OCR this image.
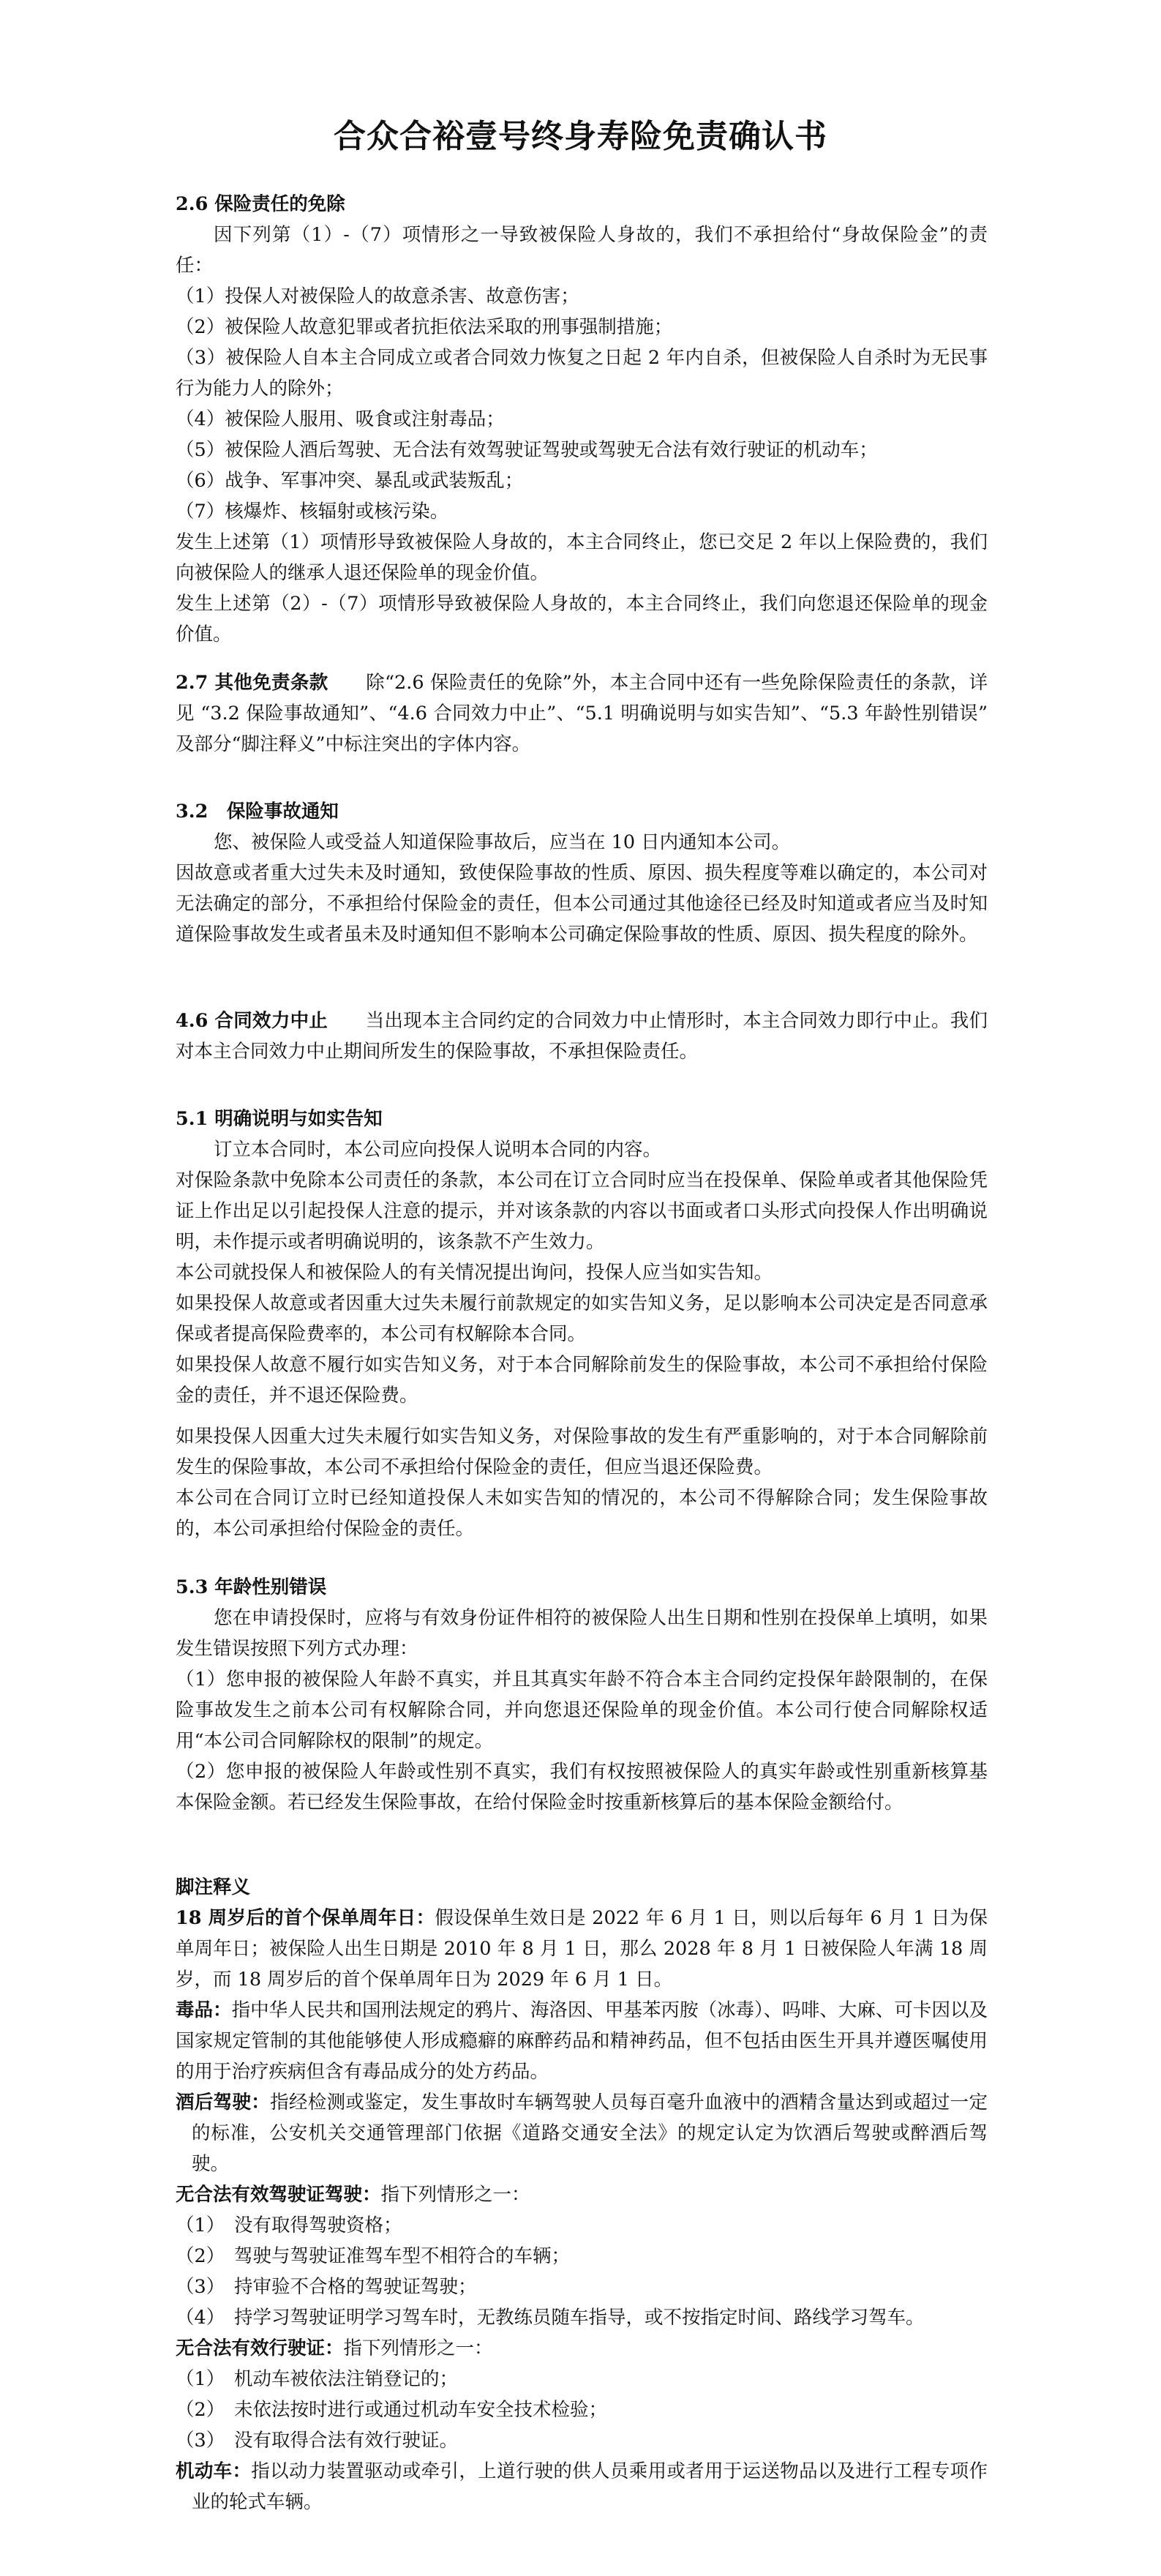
合众合裕壹号终身寿险免责确认书

2.6 保险责任的免除

因下列第（1）-（7）项情形之一导致被保险人身故的，我们不承担给付“身故保险金”的责任：

（1）投保人对被保险人的故意杀害、故意伤害；

（2）被保险人故意犯罪或者抗拒依法采取的刑事强制措施；

（3）被保险人自本主合同成立或者合同效力恢复之日起 2 年内自杀，但被保险人自杀时为无民事行为能力人的除外；

（4）被保险人服用、吸食或注射毒品；

（5）被保险人酒后驾驶、无合法有效驾驶证驾驶或驾驶无合法有效行驶证的机动车；

（6）战争、军事冲突、暴乱或武装叛乱；

（7）核爆炸、核辐射或核污染。

发生上述第（1）项情形导致被保险人身故的，本主合同终止，您已交足 2 年以上保险费的，我们向被保险人的继承人退还保险单的现金价值。

发生上述第（2）-（7）项情形导致被保险人身故的，本主合同终止，我们向您退还保险单的现金价值。

2.7 其他免责条款　　 除“2.6 保险责任的免除”外，本主合同中还有一些免除保险责任的条款，详见 “3.2 保险事故通知”、“4.6 合同效力中止”、“5.1 明确说明与如实告知”、“5.3 年龄性别错误” 及部分“脚注释义”中标注突出的字体内容。

3.2　保险事故通知

您、被保险人或受益人知道保险事故后，应当在 10 日内通知本公司。

因故意或者重大过失未及时通知，致使保险事故的性质、原因、损失程度等难以确定的，本公司对无法确定的部分，不承担给付保险金的责任，但本公司通过其他途径已经及时知道或者应当及时知道保险事故发生或者虽未及时通知但不影响本公司确定保险事故的性质、原因、损失程度的除外。

4.6 合同效力中止　　 当出现本主合同约定的合同效力中止情形时，本主合同效力即行中止。我们对本主合同效力中止期间所发生的保险事故，不承担保险责任。

5.1 明确说明与如实告知

订立本合同时，本公司应向投保人说明本合同的内容。

对保险条款中免除本公司责任的条款，本公司在订立合同时应当在投保单、保险单或者其他保险凭证上作出足以引起投保人注意的提示，并对该条款的内容以书面或者口头形式向投保人作出明确说明，未作提示或者明确说明的，该条款不产生效力。

本公司就投保人和被保险人的有关情况提出询问，投保人应当如实告知。

如果投保人故意或者因重大过失未履行前款规定的如实告知义务，足以影响本公司决定是否同意承保或者提高保险费率的，本公司有权解除本合同。

如果投保人故意不履行如实告知义务，对于本合同解除前发生的保险事故，本公司不承担给付保险金的责任，并不退还保险费。

如果投保人因重大过失未履行如实告知义务，对保险事故的发生有严重影响的，对于本合同解除前发生的保险事故，本公司不承担给付保险金的责任，但应当退还保险费。

本公司在合同订立时已经知道投保人未如实告知的情况的，本公司不得解除合同；发生保险事故的，本公司承担给付保险金的责任。

5.3 年龄性别错误

您在申请投保时，应将与有效身份证件相符的被保险人出生日期和性别在投保单上填明，如果发生错误按照下列方式办理：

（1）您申报的被保险人年龄不真实，并且其真实年龄不符合本主合同约定投保年龄限制的，在保险事故发生之前本公司有权解除合同，并向您退还保险单的现金价值。本公司行使合同解除权适用“本公司合同解除权的限制”的规定。

（2）您申报的被保险人年龄或性别不真实，我们有权按照被保险人的真实年龄或性别重新核算基本保险金额。若已经发生保险事故，在给付保险金时按重新核算后的基本保险金额给付。

脚注释义

18 周岁后的首个保单周年日：假设保单生效日是 2022 年 6 月 1 日，则以后每年 6 月 1 日为保单周年日；被保险人出生日期是 2010 年 8 月 1 日，那么 2028 年 8 月 1 日被保险人年满 18 周岁，而 18 周岁后的首个保单周年日为 2029 年 6 月 1 日。

毒品：指中华人民共和国刑法规定的鸦片、海洛因、甲基苯丙胺（冰毒）、吗啡、大麻、可卡因以及国家规定管制的其他能够使人形成瘾癖的麻醉药品和精神药品，但不包括由医生开具并遵医嘱使用的用于治疗疾病但含有毒品成分的处方药品。

酒后驾驶：指经检测或鉴定，发生事故时车辆驾驶人员每百毫升血液中的酒精含量达到或超过一定的标准，公安机关交通管理部门依据《道路交通安全法》的规定认定为饮酒后驾驶或醉酒后驾驶。

无合法有效驾驶证驾驶：指下列情形之一：

（1）　没有取得驾驶资格；

（2）　驾驶与驾驶证准驾车型不相符合的车辆；

（3）　持审验不合格的驾驶证驾驶；

（4）　持学习驾驶证明学习驾车时，无教练员随车指导，或不按指定时间、路线学习驾车。

无合法有效行驶证：指下列情形之一：

（1）　机动车被依法注销登记的；

（2）　未依法按时进行或通过机动车安全技术检验；

（3）　没有取得合法有效行驶证。

机动车：指以动力装置驱动或牵引，上道行驶的供人员乘用或者用于运送物品以及进行工程专项作业的轮式车辆。
